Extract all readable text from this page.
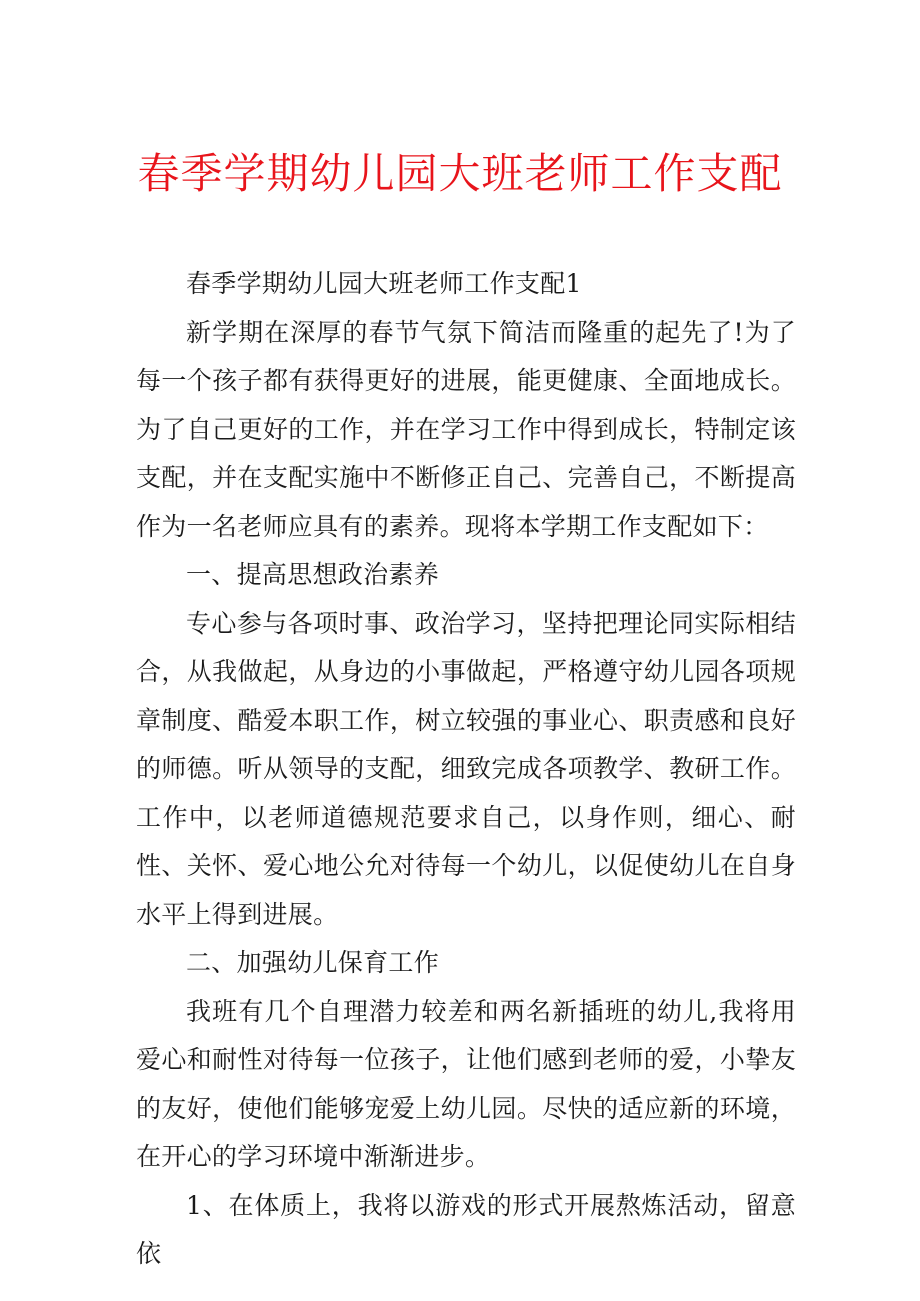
春季学期幼儿园大班老师工作支配

春季学期幼儿园大班老师工作支配1

新学期在深厚的春节气氛下简洁而隆重的起先了!为了每一个孩子都有获得更好的进展，能更健康、全面地成长。为了自己更好的工作，并在学习工作中得到成长，特制定该支配，并在支配实施中不断修正自己、完善自己，不断提高作为一名老师应具有的素养。现将本学期工作支配如下：

一、提高思想政治素养

专心参与各项时事、政治学习，坚持把理论同实际相结合，从我做起，从身边的小事做起，严格遵守幼儿园各项规章制度、酷爱本职工作，树立较强的事业心、职责感和良好的师德。听从领导的支配，细致完成各项教学、教研工作。工作中，以老师道德规范要求自己，以身作则，细心、耐性、关怀、爱心地公允对待每一个幼儿，以促使幼儿在自身水平上得到进展。

二、加强幼儿保育工作

我班有几个自理潜力较差和两名新插班的幼儿,我将用爱心和耐性对待每一位孩子，让他们感到老师的爱，小挚友的友好，使他们能够宠爱上幼儿园。尽快的适应新的环境，在开心的学习环境中渐渐进步。

1、在体质上，我将以游戏的形式开展熬炼活动，留意依
